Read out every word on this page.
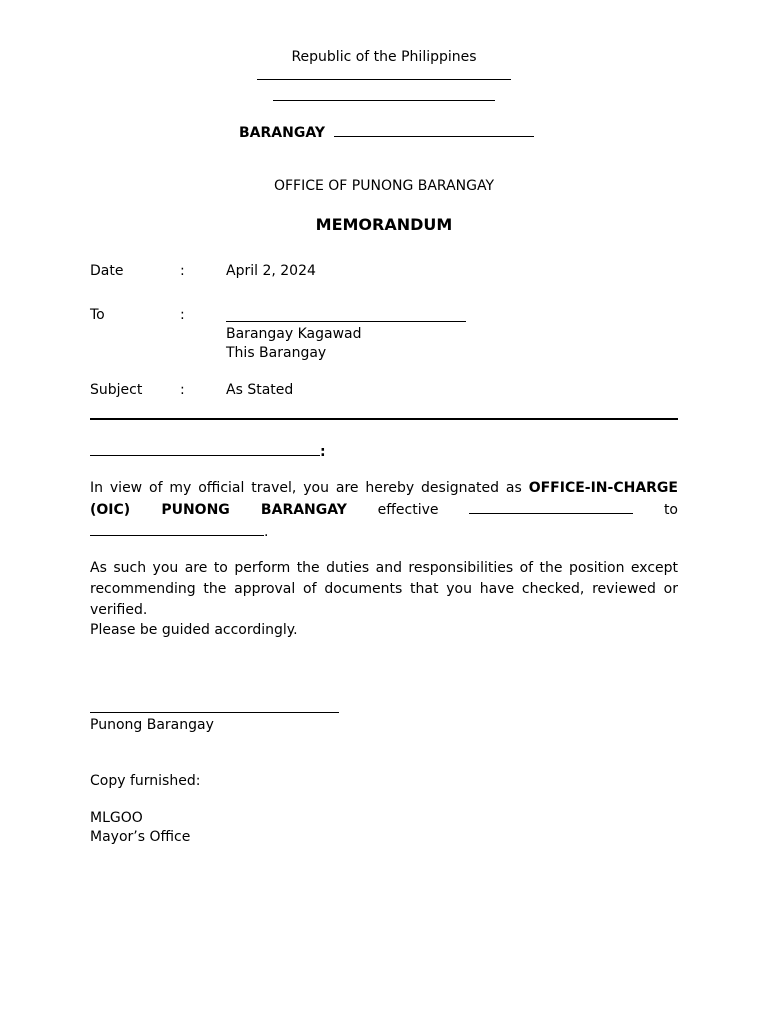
Republic of the Philippines
BARANGAY
OFFICE OF PUNONG BARANGAY
MEMORANDUM
Date	:	April 2, 2024
To	:
Barangay Kagawad
This Barangay
Subject	:	As Stated
:
In view of my official travel, you are hereby designated as OFFICE-IN-CHARGE (OIC) PUNONG BARANGAY effective	to .
As such you are to perform the duties and responsibilities of the position except recommending the approval of documents that you have checked, reviewed or verified.
Please be guided accordingly.
Punong Barangay
Copy furnished:
MLGOO
Mayor’s Office
